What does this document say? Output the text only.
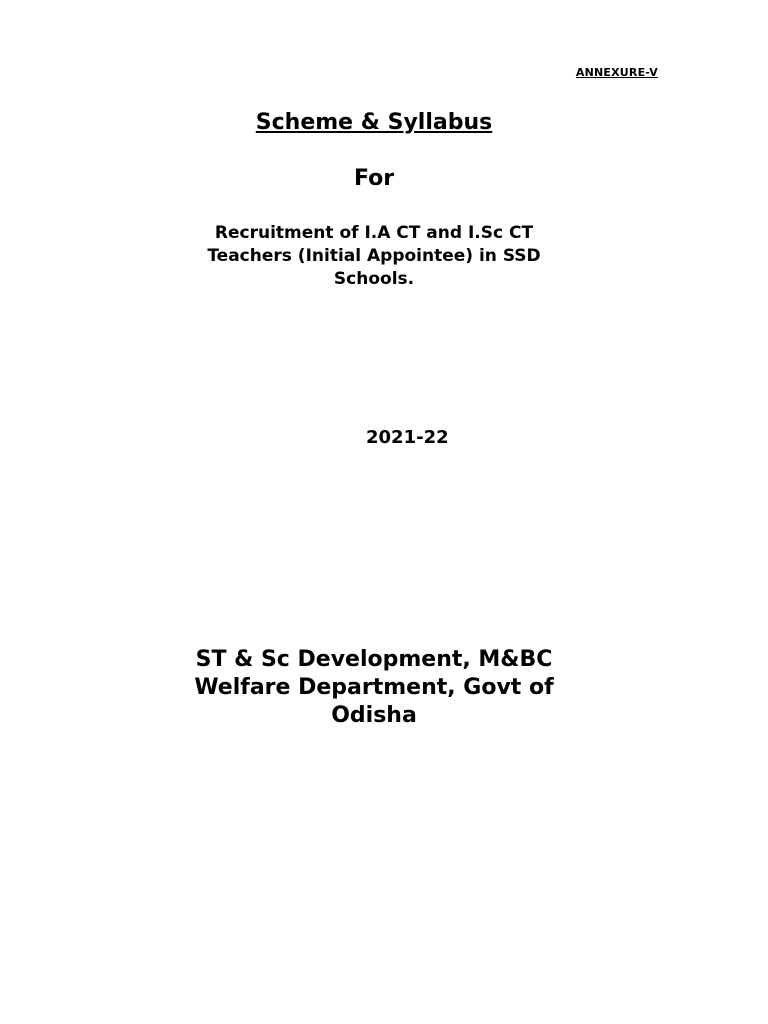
ANNEXURE-V
Scheme & Syllabus
For
Recruitment of I.A CT and I.Sc CT
Teachers (Initial Appointee) in SSD
Schools.
2021-22
ST & Sc Development, M&BC
Welfare Department, Govt of
Odisha
